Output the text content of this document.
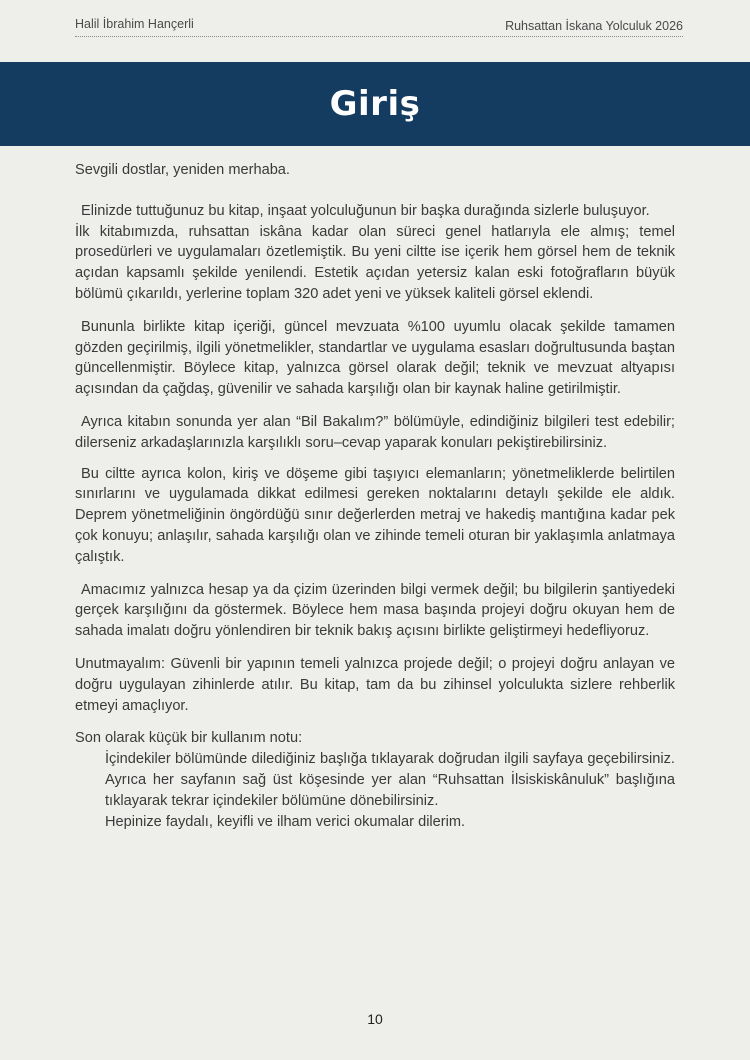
Halil İbrahim Hançerli	Ruhsattan İskana Yolculuk 2026
Giriş

Sevgili dostlar, yeniden merhaba.

Elinizde tuttuğunuz bu kitap, inşaat yolculuğunun bir başka durağında sizlerle buluşuyor.

İlk kitabımızda, ruhsattan iskâna kadar olan süreci genel hatlarıyla ele almış; temel prosedürleri ve uygulamaları özetlemiştik. Bu yeni ciltte ise içerik hem görsel hem de teknik açıdan kapsamlı şekilde yenilendi. Estetik açıdan yetersiz kalan eski fotoğrafların büyük bölümü çıkarıldı, yerlerine toplam 320 adet yeni ve yüksek kaliteli görsel eklendi.

Bununla birlikte kitap içeriği, güncel mevzuata %100 uyumlu olacak şekilde tamamen gözden geçirilmiş, ilgili yönetmelikler, standartlar ve uygulama esasları doğrultusunda baştan güncellenmiştir. Böylece kitap, yalnızca görsel olarak değil; teknik ve mevzuat altyapısı açısından da çağdaş, güvenilir ve sahada karşılığı olan bir kaynak haline getirilmiştir.

Ayrıca kitabın sonunda yer alan “Bil Bakalım?” bölümüyle, edindiğiniz bilgileri test edebilir; dilerseniz arkadaşlarınızla karşılıklı soru–cevap yaparak konuları pekiştirebilirsiniz.

Bu ciltte ayrıca kolon, kiriş ve döşeme gibi taşıyıcı elemanların; yönetmeliklerde belirtilen sınırlarını ve uygulamada dikkat edilmesi gereken noktalarını detaylı şekilde ele aldık. Deprem yönetmeliğinin öngördüğü sınır değerlerden metraj ve hakediş mantığına kadar pek çok konuyu; anlaşılır, sahada karşılığı olan ve zihinde temeli oturan bir yaklaşımla anlatmaya çalıştık.

Amacımız yalnızca hesap ya da çizim üzerinden bilgi vermek değil; bu bilgilerin şantiyedeki gerçek karşılığını da göstermek. Böylece hem masa başında projeyi doğru okuyan hem de sahada imalatı doğru yönlendiren bir teknik bakış açısını birlikte geliştirmeyi hedefliyoruz.

Unutmayalım: Güvenli bir yapının temeli yalnızca projede değil; o projeyi doğru anlayan ve doğru uygulayan zihinlerde atılır. Bu kitap, tam da bu zihinsel yolculukta sizlere rehberlik etmeyi amaçlıyor.

Son olarak küçük bir kullanım notu:

İçindekiler bölümünde dilediğiniz başlığa tıklayarak doğrudan ilgili sayfaya geçebilirsiniz. Ayrıca her sayfanın sağ üst köşesinde yer alan “Ruhsattan İlsiskiskânuluk” başlığına tıklayarak tekrar içindekiler bölümüne dönebilirsiniz.

Hepinize faydalı, keyifli ve ilham verici okumalar dilerim.

10
